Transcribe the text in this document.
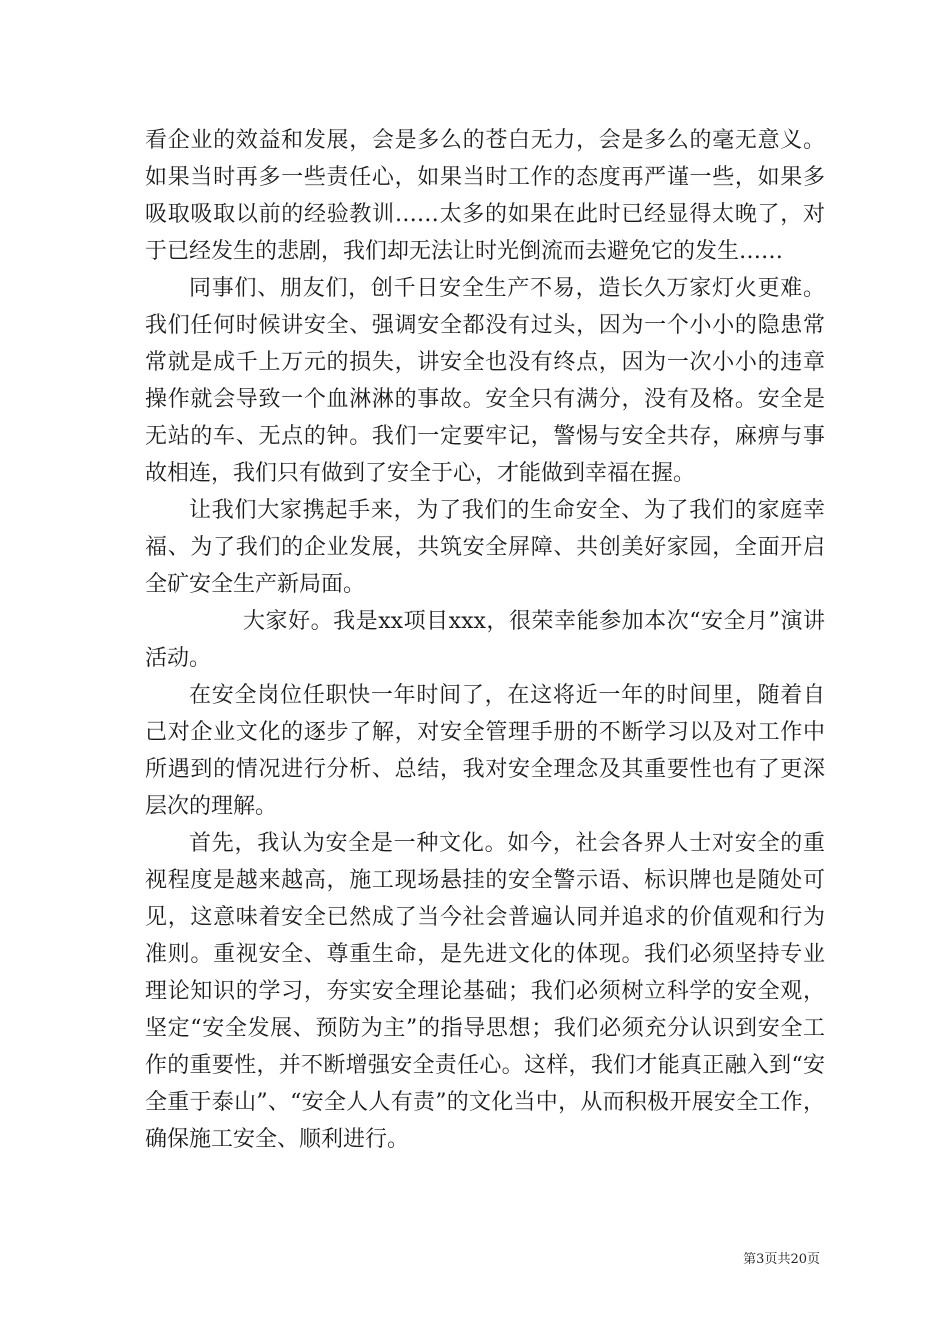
看企业的效益和发展，会是多么的苍白无力，会是多么的毫无意义。如果当时再多一些责任心，如果当时工作的态度再严谨一些，如果多吸取吸取以前的经验教训……太多的如果在此时已经显得太晚了，对于已经发生的悲剧，我们却无法让时光倒流而去避免它的发生……

同事们、朋友们，创千日安全生产不易，造长久万家灯火更难。我们任何时候讲安全、强调安全都没有过头，因为一个小小的隐患常常就是成千上万元的损失，讲安全也没有终点，因为一次小小的违章操作就会导致一个血淋淋的事故。安全只有满分，没有及格。安全是无站的车、无点的钟。我们一定要牢记，警惕与安全共存，麻痹与事故相连，我们只有做到了安全于心，才能做到幸福在握。

让我们大家携起手来，为了我们的生命安全、为了我们的家庭幸福、为了我们的企业发展，共筑安全屏障、共创美好家园，全面开启全矿安全生产新局面。

大家好。我是xx项目xxx，很荣幸能参加本次“安全月”演讲活动。

在安全岗位任职快一年时间了，在这将近一年的时间里，随着自己对企业文化的逐步了解，对安全管理手册的不断学习以及对工作中所遇到的情况进行分析、总结，我对安全理念及其重要性也有了更深层次的理解。

首先，我认为安全是一种文化。如今，社会各界人士对安全的重视程度是越来越高，施工现场悬挂的安全警示语、标识牌也是随处可见，这意味着安全已然成了当今社会普遍认同并追求的价值观和行为准则。重视安全、尊重生命，是先进文化的体现。我们必须坚持专业理论知识的学习，夯实安全理论基础；我们必须树立科学的安全观，坚定“安全发展、预防为主”的指导思想；我们必须充分认识到安全工作的重要性，并不断增强安全责任心。这样，我们才能真正融入到“安全重于泰山”、“安全人人有责”的文化当中，从而积极开展安全工作，确保施工安全、顺利进行。

第3页共20页
